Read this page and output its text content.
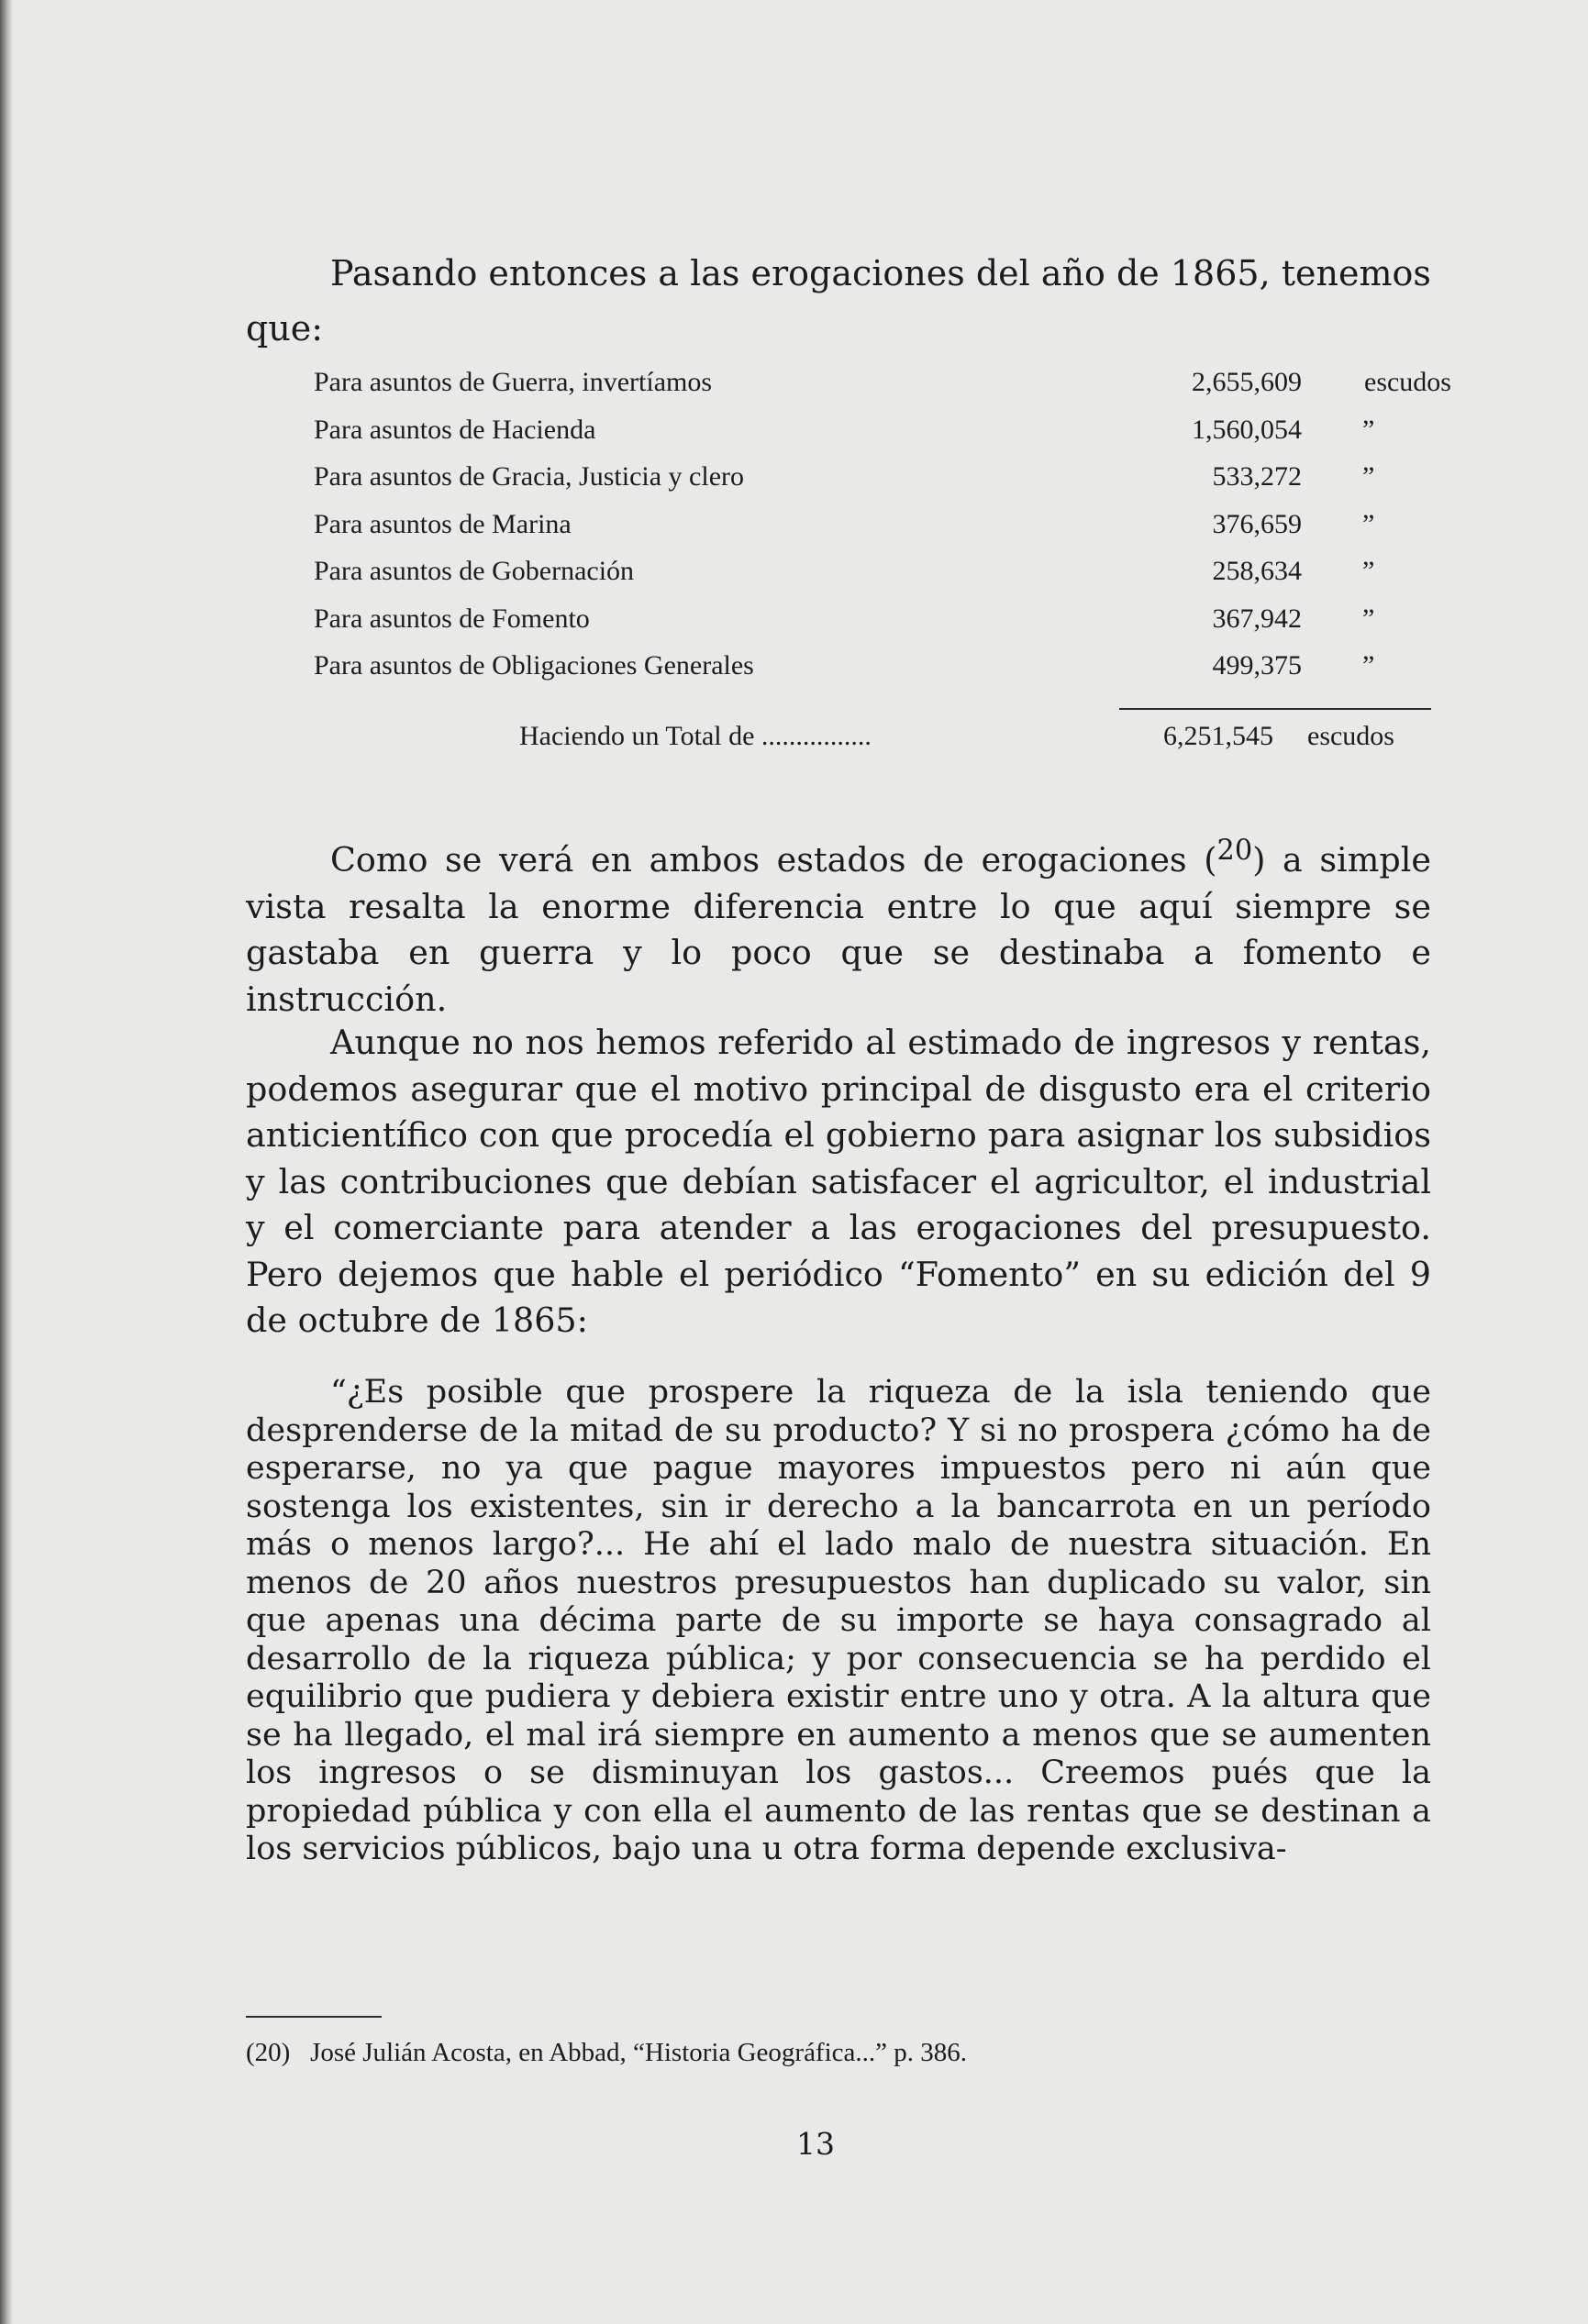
Pasando entonces a las erogaciones del año de 1865, tenemos
que:
Para asuntos de Guerra, invertíamos	2,655,609 escudos
Para asuntos de Hacienda	1,560,054 ”
Para asuntos de Gracia, Justicia y clero	533,272 ”
Para asuntos de Marina	376,659 ”
Para asuntos de Gobernación	258,634 ”
Para asuntos de Fomento	367,942 ”
Para asuntos de Obligaciones Generales	499,375 ”
Haciendo un Total de ................	6,251,545 escudos
Como se verá en ambos estados de erogaciones ($^{20}$) a simple vista resalta la enorme diferencia entre lo que aquí siempre se gastaba en guerra y lo poco que se destinaba a fomento e instrucción.
Aunque no nos hemos referido al estimado de ingresos y rentas, podemos asegurar que el motivo principal de disgusto era el criterio anticientífico con que procedía el gobierno para asignar los subsidios y las contribuciones que debían satisfacer el agricultor, el industrial y el comerciante para atender a las erogaciones del presupuesto. Pero dejemos que hable el periódico “Fomento” en su edición del 9 de octubre de 1865:
“¿Es posible que prospere la riqueza de la isla teniendo que desprenderse de la mitad de su producto? Y si no prospera ¿cómo ha de esperarse, no ya que pague mayores impuestos pero ni aún que sostenga los existentes, sin ir derecho a la bancarrota en un período más o menos largo?... He ahí el lado malo de nuestra situación. En menos de 20 años nuestros presupuestos han duplicado su valor, sin que apenas una décima parte de su importe se haya consagrado al desarrollo de la riqueza pública; y por consecuencia se ha perdido el equilibrio que pudiera y debiera existir entre uno y otra. A la altura que se ha llegado, el mal irá siempre en aumento a menos que se aumenten los ingresos o se disminuyan los gastos... Creemos pués que la propiedad pública y con ella el aumento de las rentas que se destinan a los servicios públicos, bajo una u otra forma depende exclusiva-
(20)   José Julián Acosta, en Abbad, “Historia Geográfica...” p. 386.
13
